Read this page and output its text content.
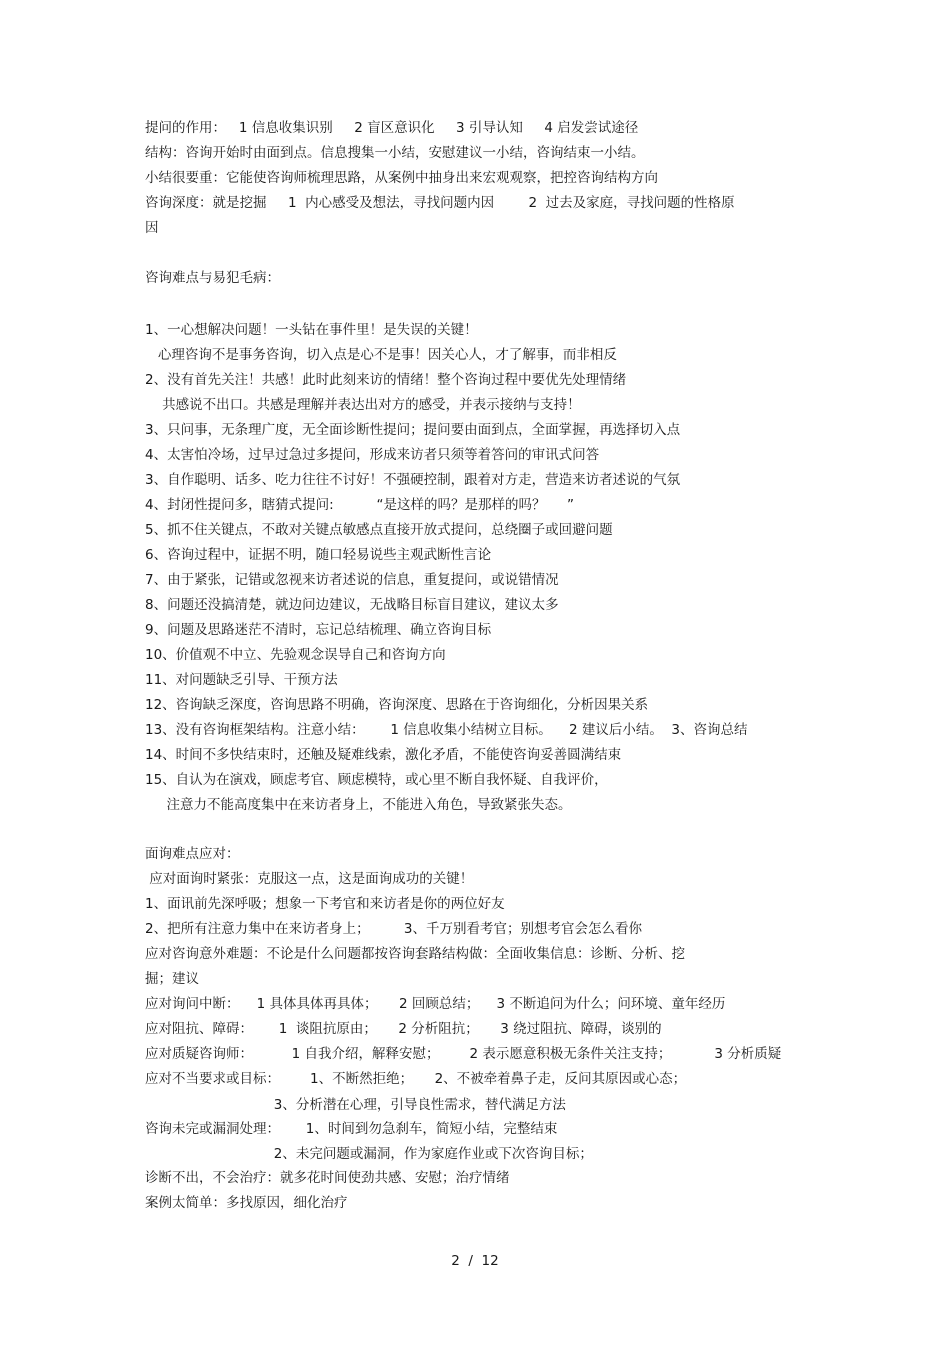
提问的作用：   1 信息收集识别     2 盲区意识化     3 引导认知     4 启发尝试途径
结构：咨询开始时由面到点。信息搜集一小结，安慰建议一小结，咨询结束一小结。
小结很要重：它能使咨询师梳理思路，从案例中抽身出来宏观观察，把控咨询结构方向
咨询深度：就是挖掘     1  内心感受及想法，寻找问题内因        2  过去及家庭，寻找问题的性格原
因
咨询难点与易犯毛病：
1、一心想解决问题！一头钻在事件里！是失误的关键！
心理咨询不是事务咨询，切入点是心不是事！因关心人，才了解事，而非相反
2、没有首先关注！共感！此时此刻来访的情绪！整个咨询过程中要优先处理情绪
共感说不出口。共感是理解并表达出对方的感受，并表示接纳与支持！
3、只问事，无条理广度，无全面诊断性提问；提问要由面到点，全面掌握，再选择切入点
4、太害怕冷场，过早过急过多提问，形成来访者只须等着答问的审讯式问答
3、自作聪明、话多、吃力往往不讨好！不强硬控制，跟着对方走，营造来访者述说的气氛
4、封闭性提问多，瞎猜式提问:          “是这样的吗？是那样的吗？     ”
5、抓不住关键点，不敢对关键点敏感点直接开放式提问，总绕圈子或回避问题
6、咨询过程中，证据不明，随口轻易说些主观武断性言论
7、由于紧张，记错或忽视来访者述说的信息，重复提问，或说错情况
8、问题还没搞清楚，就边问边建议，无战略目标盲目建议，建议太多
9、问题及思路迷茫不清时，忘记总结梳理、确立咨询目标
10、价值观不中立、先验观念误导自己和咨询方向
11、对问题缺乏引导、干预方法
12、咨询缺乏深度，咨询思路不明确，咨询深度、思路在于咨询细化，分析因果关系
13、没有咨询框架结构。注意小结：      1 信息收集小结树立目标。    2 建议后小结。  3、咨询总结
14、时间不多快结束时，还触及疑难线索，激化矛盾，不能使咨询妥善圆满结束
15、自认为在演戏，顾虑考官、顾虑模特，或心里不断自我怀疑、自我评价，
注意力不能高度集中在来访者身上，不能进入角色，导致紧张失态。
面询难点应对：
应对面询时紧张：克服这一点，这是面询成功的关键！
1、面讯前先深呼吸；想象一下考官和来访者是你的两位好友
2、把所有注意力集中在来访者身上；        3、千万别看考官；别想考官会怎么看你
应对咨询意外难题：不论是什么问题都按咨询套路结构做：全面收集信息：诊断、分析、挖
掘；建议
应对询问中断：    1 具体具体再具体；     2 回顾总结；    3 不断追问为什么；问环境、童年经历
应对阻抗、障碍：      1  谈阻抗原由；     2 分析阻抗；     3 绕过阻抗、障碍，谈别的
应对质疑咨询师：         1 自我介绍，解释安慰；       2 表示愿意积极无条件关注支持；          3 分析质疑
应对不当要求或目标：       1、不断然拒绝；     2、不被牵着鼻子走，反问其原因或心态；
3、分析潜在心理，引导良性需求，替代满足方法
咨询未完或漏洞处理：      1、时间到勿急刹车，简短小结，完整结束
2、未完问题或漏洞，作为家庭作业或下次咨询目标；
诊断不出，不会治疗：就多花时间使劲共感、安慰；治疗情绪
案例太简单：多找原因，细化治疗
2  /  12
